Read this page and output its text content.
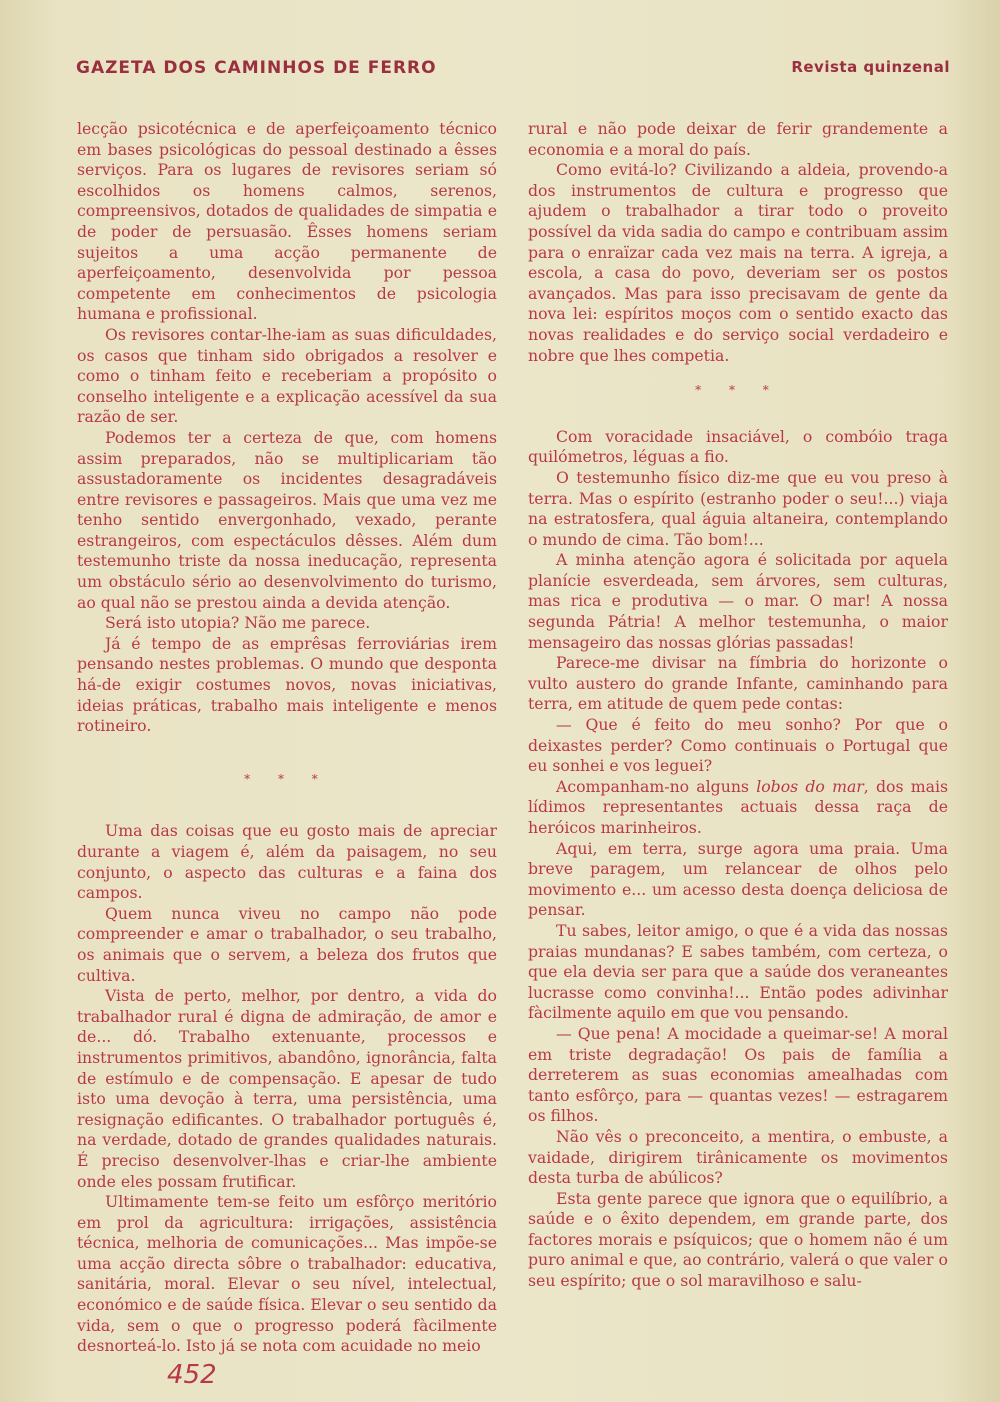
GAZETA DOS CAMINHOS DE FERRO	Revista quinzenal

lecção psicotécnica e de aperfeiçoamento técnico em bases psicológicas do pessoal destinado a êsses serviços. Para os lugares de revisores seriam só escolhidos os homens calmos, serenos, compreensivos, dotados de qualidades de simpatia e de poder de persuasão. Êsses homens seriam sujeitos a uma acção permanente de aperfeiçoamento, desenvolvida por pessoa competente em conhecimentos de psicologia humana e profissional.

Os revisores contar-lhe-iam as suas dificuldades, os casos que tinham sido obrigados a resolver e como o tinham feito e receberiam a propósito o conselho inteligente e a explicação acessível da sua razão de ser.

Podemos ter a certeza de que, com homens assim preparados, não se multiplicariam tão assustadoramente os incidentes desagradáveis entre revisores e passageiros. Mais que uma vez me tenho sentido envergonhado, vexado, perante estrangeiros, com espectáculos dêsses. Além dum testemunho triste da nossa ineducação, representa um obstáculo sério ao desenvolvimento do turismo, ao qual não se prestou ainda a devida atenção.

Será isto utopia? Não me parece.

Já é tempo de as emprêsas ferroviárias irem pensando nestes problemas. O mundo que desponta há-de exigir costumes novos, novas iniciativas, ideias práticas, trabalho mais inteligente e menos rotineiro.

* * *

Uma das coisas que eu gosto mais de apreciar durante a viagem é, além da paisagem, no seu conjunto, o aspecto das culturas e a faina dos campos.

Quem nunca viveu no campo não pode compreender e amar o trabalhador, o seu trabalho, os animais que o servem, a beleza dos frutos que cultiva.

Vista de perto, melhor, por dentro, a vida do trabalhador rural é digna de admiração, de amor e de... dó. Trabalho extenuante, processos e instrumentos primitivos, abandôno, ignorância, falta de estímulo e de compensação. E apesar de tudo isto uma devoção à terra, uma persistência, uma resignação edificantes. O trabalhador português é, na verdade, dotado de grandes qualidades naturais. É preciso desenvolver-lhas e criar-lhe ambiente onde eles possam frutificar.

Ultimamente tem-se feito um esfôrço meritório em prol da agricultura: irrigações, assistência técnica, melhoria de comunicações... Mas impõe-se uma acção directa sôbre o trabalhador: educativa, sanitária, moral. Elevar o seu nível, intelectual, económico e de saúde física. Elevar o seu sentido da vida, sem o que o progresso poderá fàcilmente desnorteá-lo. Isto já se nota com acuidade no meio

rural e não pode deixar de ferir grandemente a economia e a moral do país.

Como evitá-lo? Civilizando a aldeia, provendo-a dos instrumentos de cultura e progresso que ajudem o trabalhador a tirar todo o proveito possível da vida sadia do campo e contribuam assim para o enraïzar cada vez mais na terra. A igreja, a escola, a casa do povo, deveriam ser os postos avançados. Mas para isso precisavam de gente da nova lei: espíritos moços com o sentido exacto das novas realidades e do serviço social verdadeiro e nobre que lhes competia.

* * *

Com voracidade insaciável, o combóio traga quilómetros, léguas a fio.

O testemunho físico diz-me que eu vou preso à terra. Mas o espírito (estranho poder o seu!...) viaja na estratosfera, qual águia altaneira, contemplando o mundo de cima. Tão bom!...

A minha atenção agora é solicitada por aquela planície esverdeada, sem árvores, sem culturas, mas rica e produtiva — o mar. O mar! A nossa segunda Pátria! A melhor testemunha, o maior mensageiro das nossas glórias passadas!

Parece-me divisar na fímbria do horizonte o vulto austero do grande Infante, caminhando para terra, em atitude de quem pede contas:

— Que é feito do meu sonho? Por que o deixastes perder? Como continuais o Portugal que eu sonhei e vos leguei?

Acompanham-no alguns lobos do mar, dos mais lídimos representantes actuais dessa raça de heróicos marinheiros.

Aqui, em terra, surge agora uma praia. Uma breve paragem, um relancear de olhos pelo movimento e... um acesso desta doença deliciosa de pensar.

Tu sabes, leitor amigo, o que é a vida das nossas praias mundanas? E sabes também, com certeza, o que ela devia ser para que a saúde dos veraneantes lucrasse como convinha!... Então podes adivinhar fàcilmente aquilo em que vou pensando.

— Que pena! A mocidade a queimar-se! A moral em triste degradação! Os pais de família a derreterem as suas economias amealhadas com tanto esfôrço, para — quantas vezes! — estragarem os filhos.

Não vês o preconceito, a mentira, o embuste, a vaidade, dirigirem tirânicamente os movimentos desta turba de abúlicos?

Esta gente parece que ignora que o equilíbrio, a saúde e o êxito dependem, em grande parte, dos factores morais e psíquicos; que o homem não é um puro animal e que, ao contrário, valerá o que valer o seu espírito; que o sol maravilhoso e salu-

452
